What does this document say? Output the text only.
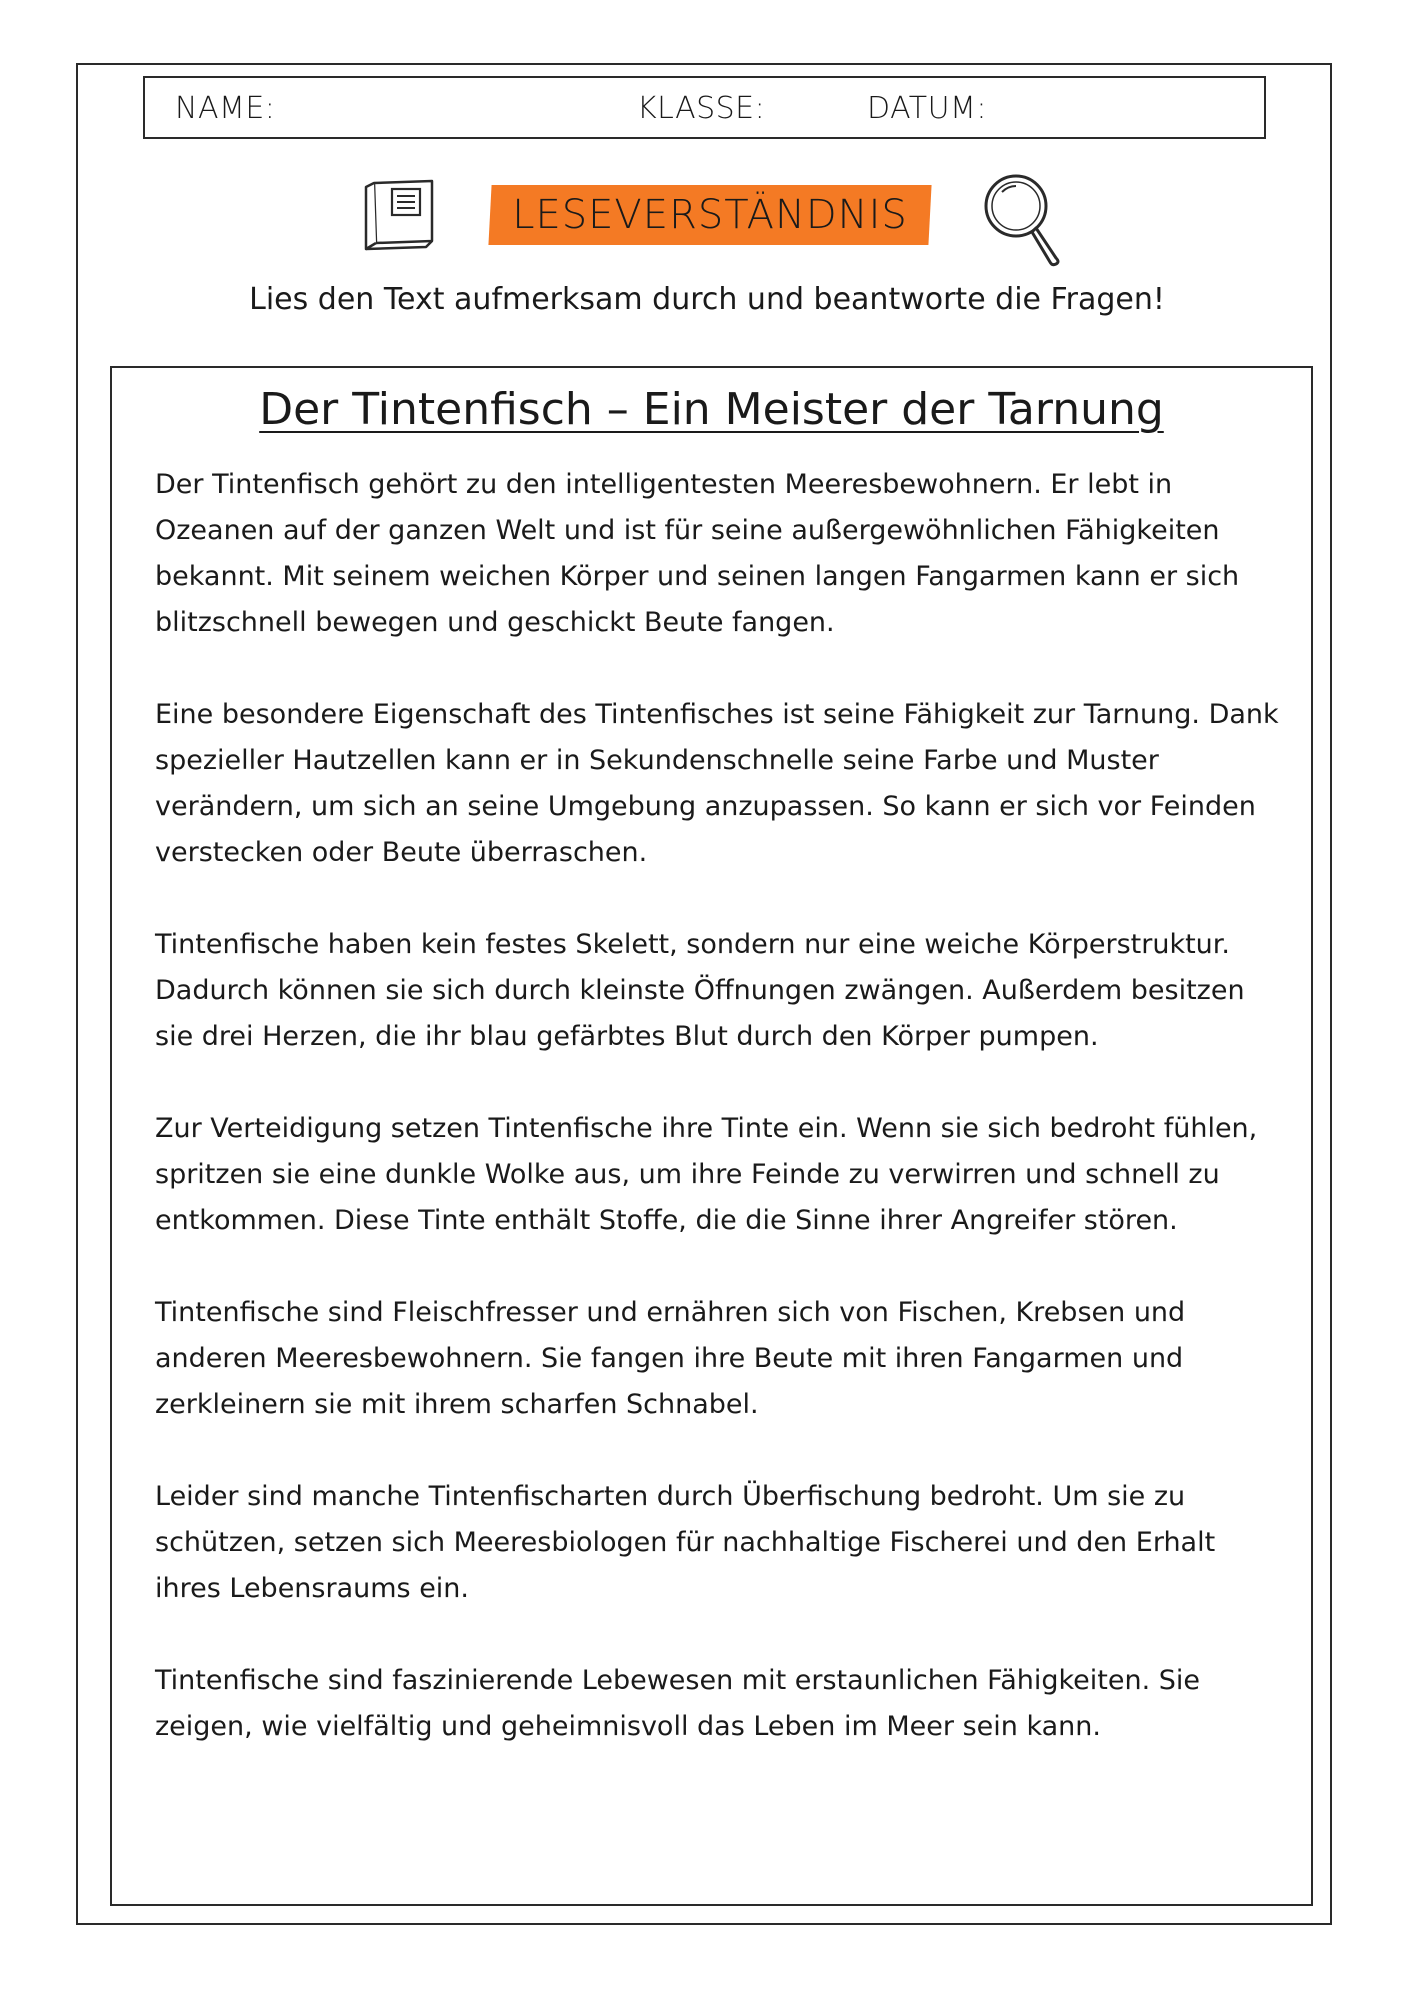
NAME:	KLASSE:	DATUM:
LESEVERSTÄNDNIS
Lies den Text aufmerksam durch und beantworte die Fragen!
Der Tintenfisch – Ein Meister der Tarnung

Der Tintenfisch gehört zu den intelligentesten Meeresbewohnern. Er lebt in Ozeanen auf der ganzen Welt und ist für seine außergewöhnlichen Fähigkeiten bekannt. Mit seinem weichen Körper und seinen langen Fangarmen kann er sich blitzschnell bewegen und geschickt Beute fangen.

Eine besondere Eigenschaft des Tintenfisches ist seine Fähigkeit zur Tarnung. Dank spezieller Hautzellen kann er in Sekundenschnelle seine Farbe und Muster verändern, um sich an seine Umgebung anzupassen. So kann er sich vor Feinden verstecken oder Beute überraschen.

Tintenfische haben kein festes Skelett, sondern nur eine weiche Körperstruktur. Dadurch können sie sich durch kleinste Öffnungen zwängen. Außerdem besitzen sie drei Herzen, die ihr blau gefärbtes Blut durch den Körper pumpen.

Zur Verteidigung setzen Tintenfische ihre Tinte ein. Wenn sie sich bedroht fühlen, spritzen sie eine dunkle Wolke aus, um ihre Feinde zu verwirren und schnell zu entkommen. Diese Tinte enthält Stoffe, die die Sinne ihrer Angreifer stören.

Tintenfische sind Fleischfresser und ernähren sich von Fischen, Krebsen und anderen Meeresbewohnern. Sie fangen ihre Beute mit ihren Fangarmen und zerkleinern sie mit ihrem scharfen Schnabel.

Leider sind manche Tintenfischarten durch Überfischung bedroht. Um sie zu schützen, setzen sich Meeresbiologen für nachhaltige Fischerei und den Erhalt ihres Lebensraums ein.

Tintenfische sind faszinierende Lebewesen mit erstaunlichen Fähigkeiten. Sie zeigen, wie vielfältig und geheimnisvoll das Leben im Meer sein kann.
